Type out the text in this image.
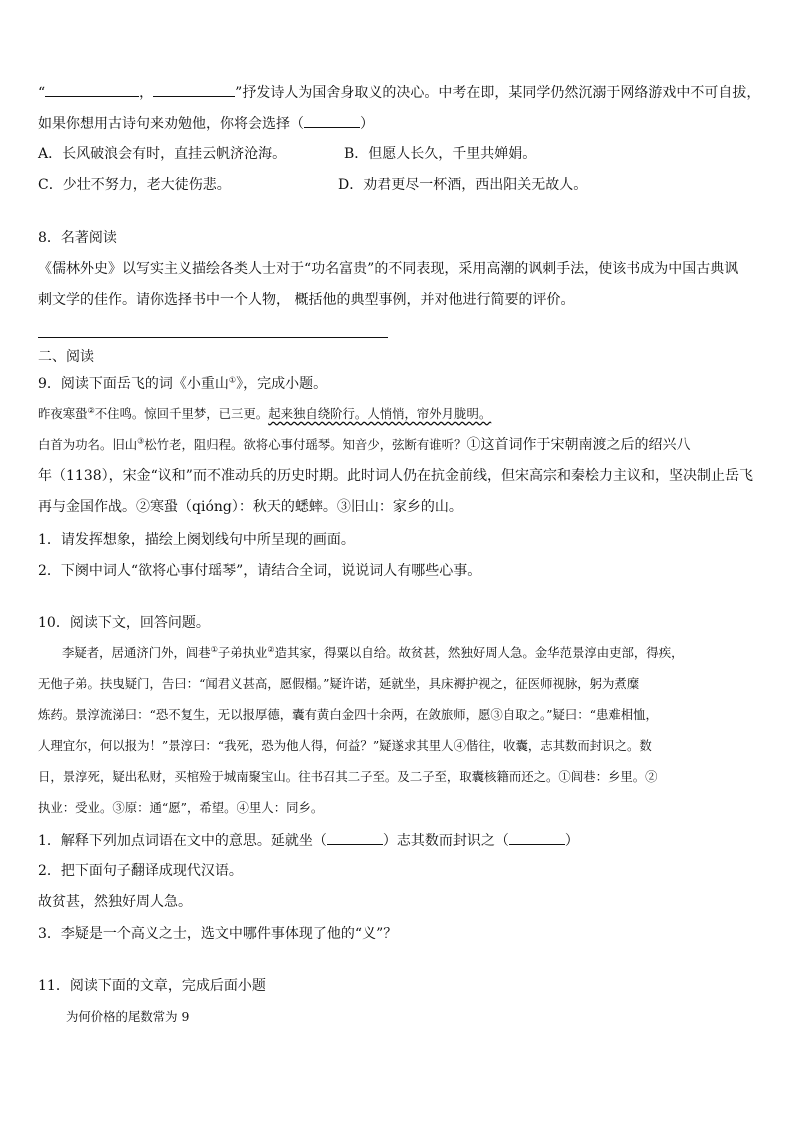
“	，	”抒发诗人为国舍身取义的决心。中考在即，某同学仍然沉溺于网络游戏中不可自拔，
如果你想用古诗句来劝勉他，你将会选择（	）
A．长风破浪会有时，直挂云帆济沧海。	B．但愿人长久，千里共婵娟。
C．少壮不努力，老大徒伤悲。	D．劝君更尽一杯酒，西出阳关无故人。
8．名著阅读
《儒林外史》以写实主义描绘各类人士对于“功名富贵”的不同表现，采用高潮的讽刺手法，使该书成为中国古典讽
刺文学的佳作。请你选择书中一个人物， 概括他的典型事例，并对他进行简要的评价。
二、阅读
9．阅读下面岳飞的词《小重山①》，完成小题。
昨夜寒蛩②不住鸣。惊回千里梦，已三更。起来独自绕阶行。人悄悄，帘外月胧明。
白首为功名。旧山③松竹老，阻归程。欲将心事付瑶琴。知音少，弦断有谁听？①这首词作于宋朝南渡之后的绍兴八
年（1138），宋金“议和”而不准动兵的历史时期。此时词人仍在抗金前线，但宋高宗和秦桧力主议和，坚决制止岳飞
再与金国作战。②寒蛩（qióng）：秋天的蟋蟀。③旧山：家乡的山。
1．请发挥想象，描绘上阕划线句中所呈现的画面。
2．下阕中词人“欲将心事付瑶琴”，请结合全词，说说词人有哪些心事。
10．阅读下文，回答问题。
李疑者，居通济门外，闾巷①子弟执业②造其家，得粟以自给。故贫甚，然独好周人急。金华范景淳由吏部，得疾，
无他子弟。扶曳疑门，告曰：“闻君义甚高，愿假榻。”疑许诺，延就坐，具床褥护视之，征医师视脉，躬为煮糜
炼药。景淳流涕曰：“恐不复生，无以报厚德，囊有黄白金四十余两，在敛旅师，愿③自取之。”疑曰：“患难相恤，
人理宜尔，何以报为！”景淳曰：“我死，恐为他人得，何益？”疑遂求其里人④偕往，收囊，志其数而封识之。数
日，景淳死，疑出私财，买棺殓于城南聚宝山。往书召其二子至。及二子至，取囊核籍而还之。①闾巷：乡里。②
执业：受业。③原：通“愿”，希望。④里人：同乡。
1．解释下列加点词语在文中的意思。延就坐（	）志其数而封识之（	）
2．把下面句子翻译成现代汉语。
故贫甚，然独好周人急。
3．李疑是一个高义之士，选文中哪件事体现了他的“义”？
11．阅读下面的文章，完成后面小题
为何价格的尾数常为 9
